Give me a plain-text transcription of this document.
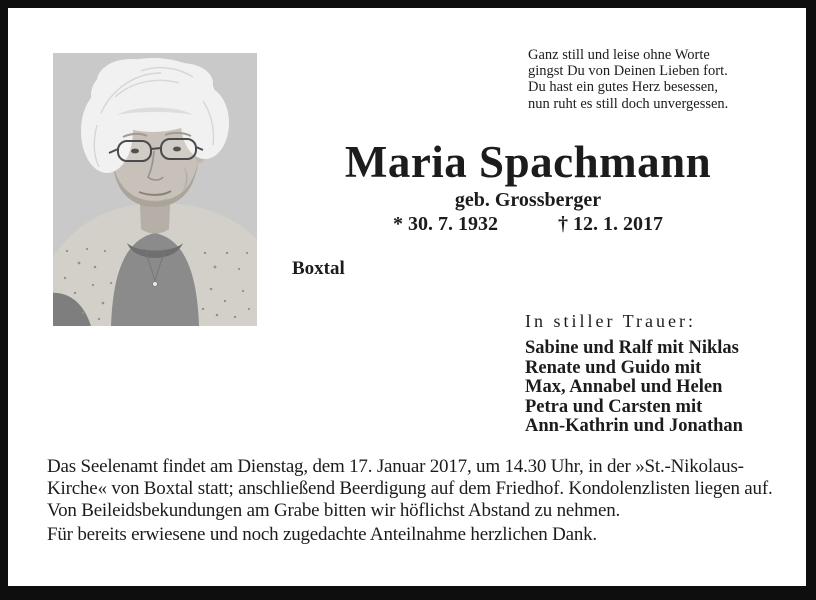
Ganz still und leise ohne Worte
gingst Du von Deinen Lieben fort.
Du hast ein gutes Herz besessen,
nun ruht es still doch unvergessen.
Maria Spachmann
geb. Grossberger
* 30. 7. 1932	† 12. 1. 2017
Boxtal
In stiller Trauer:
Sabine und Ralf mit Niklas
Renate und Guido mit
Max, Annabel und Helen
Petra und Carsten mit
Ann-Kathrin und Jonathan

Das Seelenamt findet am Dienstag, dem 17. Januar 2017, um 14.30 Uhr, in der »St.-Nikolaus-Kirche« von Boxtal statt; anschließend Beerdigung auf dem Friedhof. Kondolenzlisten liegen auf. Von Beileidsbekundungen am Grabe bitten wir höflichst Abstand zu nehmen.

Für bereits erwiesene und noch zugedachte Anteilnahme herzlichen Dank.
